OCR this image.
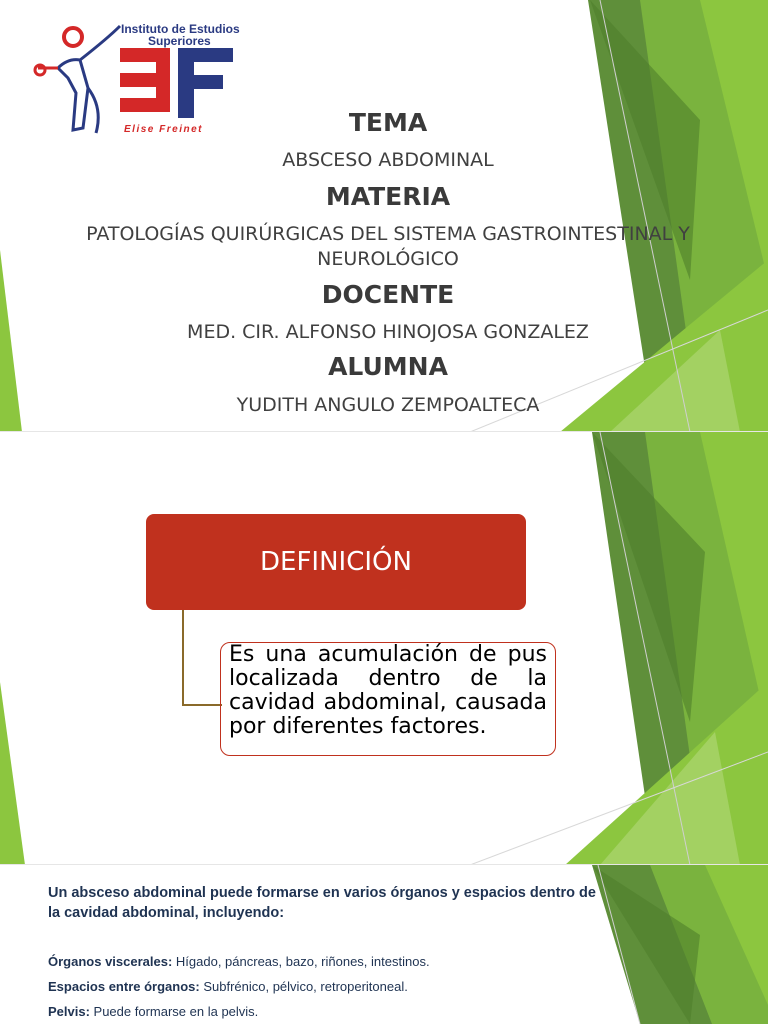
Instituto de Estudios
Superiores
Elise Freinet	TEMA
ABSCESO ABDOMINAL
MATERIA
PATOLOGÍAS QUIRÚRGICAS DEL SISTEMA GASTROINTESTINAL Y
NEUROLÓGICO
DOCENTE
MED. CIR. ALFONSO HINOJOSA GONZALEZ
ALUMNA
YUDITH ANGULO ZEMPOALTECA
DEFINICIÓN
Es una acumulación de pus localizada dentro de la cavidad abdominal, causada por diferentes factores.

Un absceso abdominal puede formarse en varios órganos y espacios dentro de la cavidad abdominal, incluyendo:

Órganos viscerales: Hígado, páncreas, bazo, riñones, intestinos.

Espacios entre órganos: Subfrénico, pélvico, retroperitoneal.

Pelvis: Puede formarse en la pelvis.
